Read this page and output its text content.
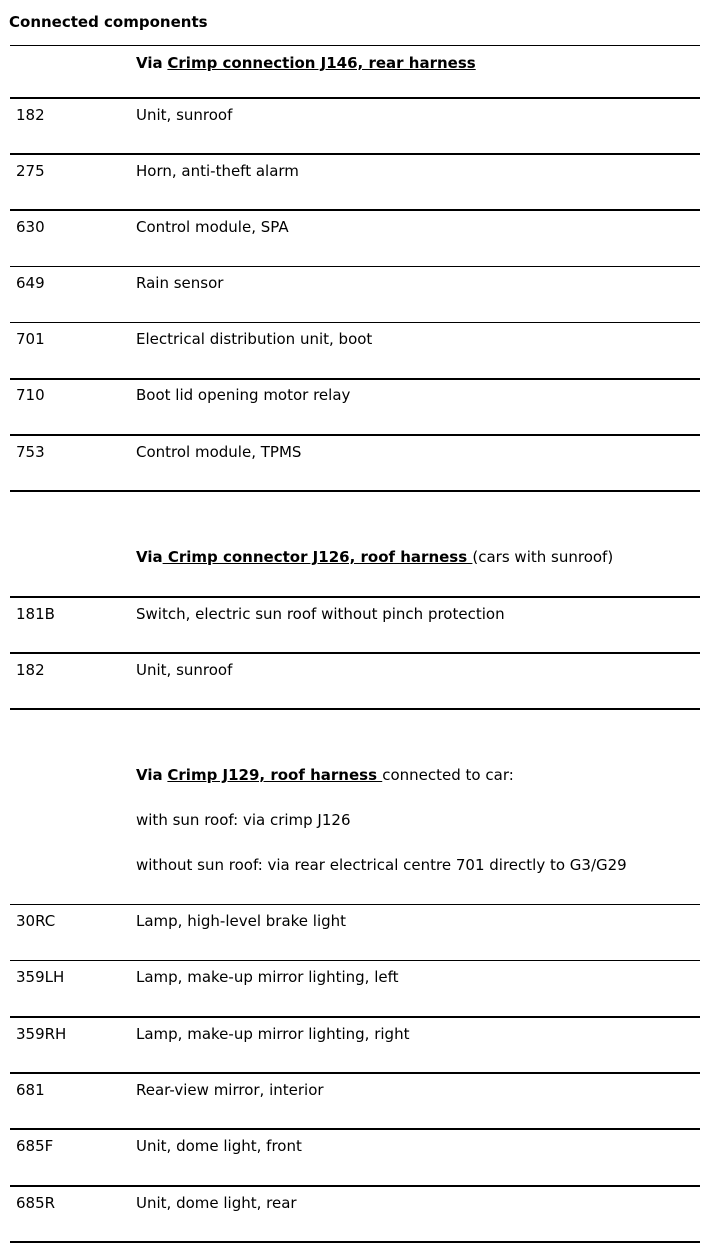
Connected components
Via Crimp connection J146, rear harness
182	Unit, sunroof
275	Horn, anti-theft alarm
630	Control module, SPA
649	Rain sensor
701	Electrical distribution unit, boot
710	Boot lid opening motor relay
753	Control module, TPMS
Via Crimp connector J126, roof harness (cars with sunroof)
181B	Switch, electric sun roof without pinch protection
182	Unit, sunroof
Via Crimp J129, roof harness connected to car:
with sun roof: via crimp J126
without sun roof: via rear electrical centre 701 directly to G3/G29
30RC	Lamp, high-level brake light
359LH	Lamp, make-up mirror lighting, left
359RH	Lamp, make-up mirror lighting, right
681	Rear-view mirror, interior
685F	Unit, dome light, front
685R	Unit, dome light, rear
